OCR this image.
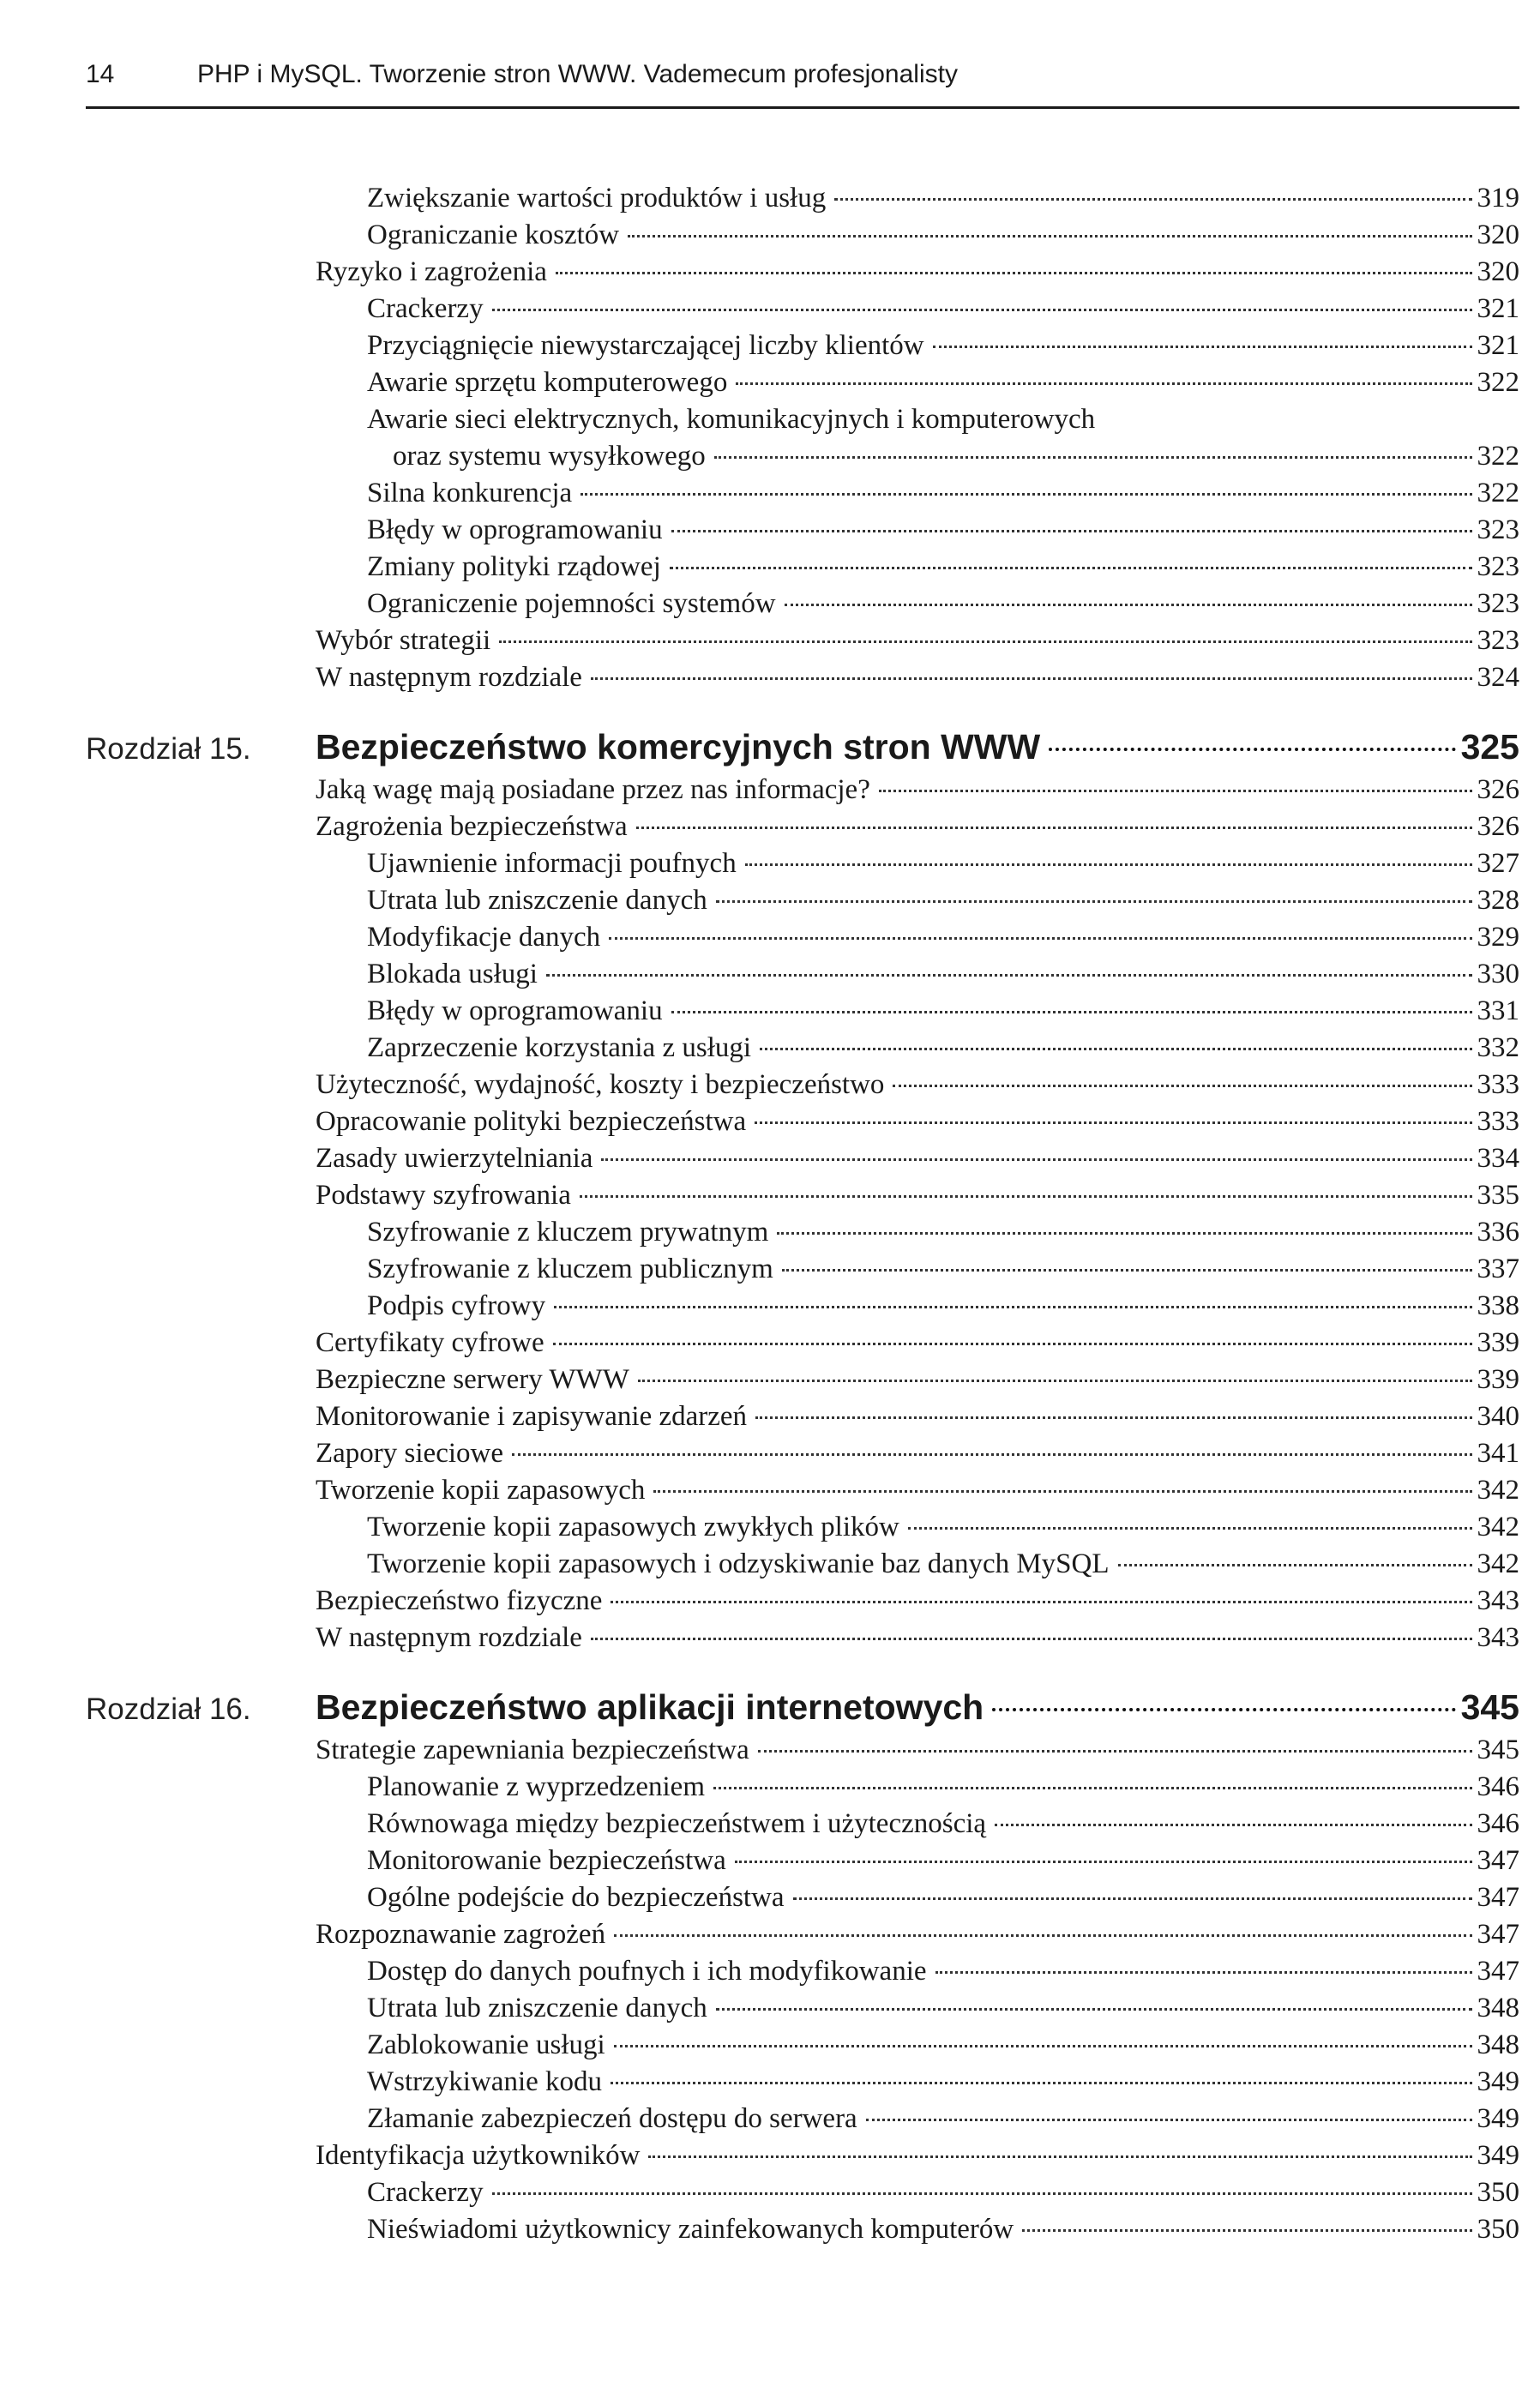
14	PHP i MySQL. Tworzenie stron WWW. Vademecum profesjonalisty
Zwiększanie wartości produktów i usług	319
Ograniczanie kosztów	320
Ryzyko i zagrożenia	320
Crackerzy	321
Przyciągnięcie niewystarczającej liczby klientów	321
Awarie sprzętu komputerowego	322
Awarie sieci elektrycznych, komunikacyjnych i komputerowych
oraz systemu wysyłkowego	322
Silna konkurencja	322
Błędy w oprogramowaniu	323
Zmiany polityki rządowej	323
Ograniczenie pojemności systemów	323
Wybór strategii	323
W następnym rozdziale	324
Rozdział 15.	Bezpieczeństwo komercyjnych stron WWW	325
Jaką wagę mają posiadane przez nas informacje?	326
Zagrożenia bezpieczeństwa	326
Ujawnienie informacji poufnych	327
Utrata lub zniszczenie danych	328
Modyfikacje danych	329
Blokada usługi	330
Błędy w oprogramowaniu	331
Zaprzeczenie korzystania z usługi	332
Użyteczność, wydajność, koszty i bezpieczeństwo	333
Opracowanie polityki bezpieczeństwa	333
Zasady uwierzytelniania	334
Podstawy szyfrowania	335
Szyfrowanie z kluczem prywatnym	336
Szyfrowanie z kluczem publicznym	337
Podpis cyfrowy	338
Certyfikaty cyfrowe	339
Bezpieczne serwery WWW	339
Monitorowanie i zapisywanie zdarzeń	340
Zapory sieciowe	341
Tworzenie kopii zapasowych	342
Tworzenie kopii zapasowych zwykłych plików	342
Tworzenie kopii zapasowych i odzyskiwanie baz danych MySQL	342
Bezpieczeństwo fizyczne	343
W następnym rozdziale	343
Rozdział 16.	Bezpieczeństwo aplikacji internetowych	345
Strategie zapewniania bezpieczeństwa	345
Planowanie z wyprzedzeniem	346
Równowaga między bezpieczeństwem i użytecznością	346
Monitorowanie bezpieczeństwa	347
Ogólne podejście do bezpieczeństwa	347
Rozpoznawanie zagrożeń	347
Dostęp do danych poufnych i ich modyfikowanie	347
Utrata lub zniszczenie danych	348
Zablokowanie usługi	348
Wstrzykiwanie kodu	349
Złamanie zabezpieczeń dostępu do serwera	349
Identyfikacja użytkowników	349
Crackerzy	350
Nieświadomi użytkownicy zainfekowanych komputerów	350
